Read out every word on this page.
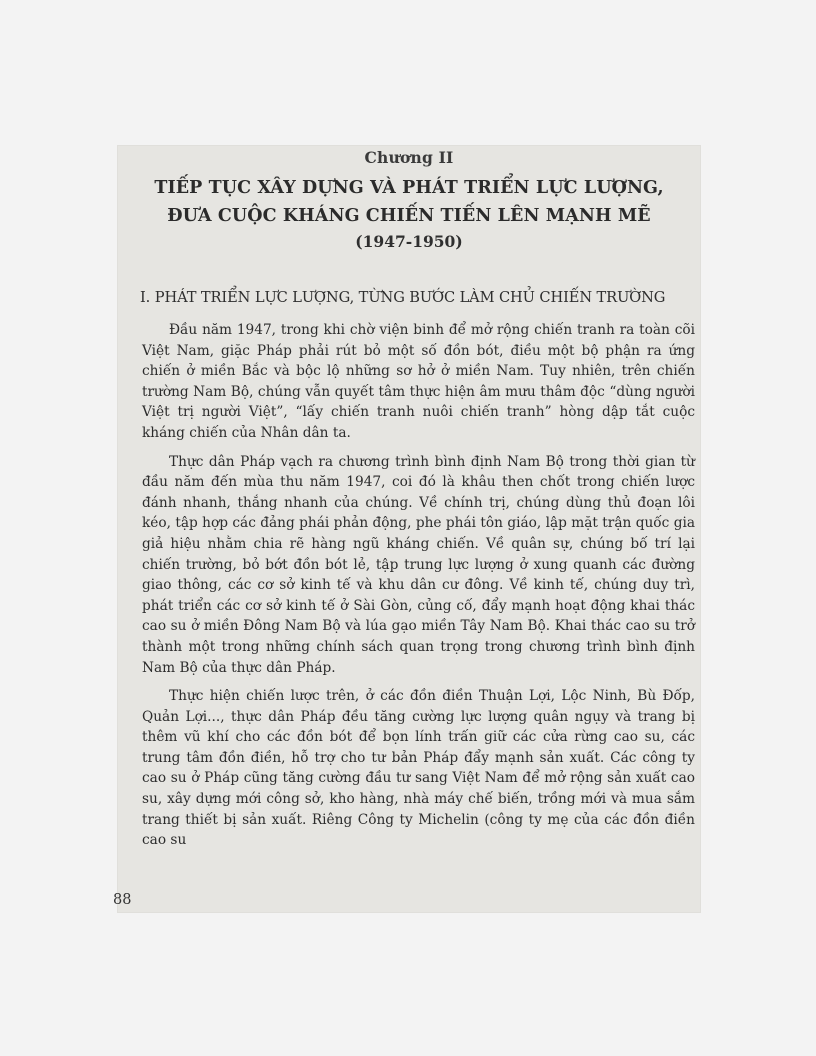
Chương II
TIẾP TỤC XÂY DỰNG VÀ PHÁT TRIỂN LỰC LƯỢNG,
ĐƯA CUỘC KHÁNG CHIẾN TIẾN LÊN MẠNH MẼ
(1947-1950)
I. PHÁT TRIỂN LỰC LƯỢNG, TỪNG BƯỚC LÀM CHỦ CHIẾN TRƯỜNG

Đầu năm 1947, trong khi chờ viện binh để mở rộng chiến tranh ra toàn cõi Việt Nam, giặc Pháp phải rút bỏ một số đồn bót, điều một bộ phận ra ứng chiến ở miền Bắc và bộc lộ những sơ hở ở miền Nam. Tuy nhiên, trên chiến trường Nam Bộ, chúng vẫn quyết tâm thực hiện âm mưu thâm độc “dùng người Việt trị người Việt”, “lấy chiến tranh nuôi chiến tranh” hòng dập tắt cuộc kháng chiến của Nhân dân ta.

Thực dân Pháp vạch ra chương trình bình định Nam Bộ trong thời gian từ đầu năm đến mùa thu năm 1947, coi đó là khâu then chốt trong chiến lược đánh nhanh, thắng nhanh của chúng. Về chính trị, chúng dùng thủ đoạn lôi kéo, tập hợp các đảng phái phản động, phe phái tôn giáo, lập mặt trận quốc gia giả hiệu nhằm chia rẽ hàng ngũ kháng chiến. Về quân sự, chúng bố trí lại chiến trường, bỏ bớt đồn bót lẻ, tập trung lực lượng ở xung quanh các đường giao thông, các cơ sở kinh tế và khu dân cư đông. Về kinh tế, chúng duy trì, phát triển các cơ sở kinh tế ở Sài Gòn, củng cố, đẩy mạnh hoạt động khai thác cao su ở miền Đông Nam Bộ và lúa gạo miền Tây Nam Bộ. Khai thác cao su trở thành một trong những chính sách quan trọng trong chương trình bình định Nam Bộ của thực dân Pháp.

Thực hiện chiến lược trên, ở các đồn điền Thuận Lợi, Lộc Ninh, Bù Đốp, Quản Lợi..., thực dân Pháp đều tăng cường lực lượng quân ngụy và trang bị thêm vũ khí cho các đồn bót để bọn lính trấn giữ các cửa rừng cao su, các trung tâm đồn điền, hỗ trợ cho tư bản Pháp đẩy mạnh sản xuất. Các công ty cao su ở Pháp cũng tăng cường đầu tư sang Việt Nam để mở rộng sản xuất cao su, xây dựng mới công sở, kho hàng, nhà máy chế biến, trồng mới và mua sắm trang thiết bị sản xuất. Riêng Công ty Michelin (công ty mẹ của các đồn điền cao su

88
